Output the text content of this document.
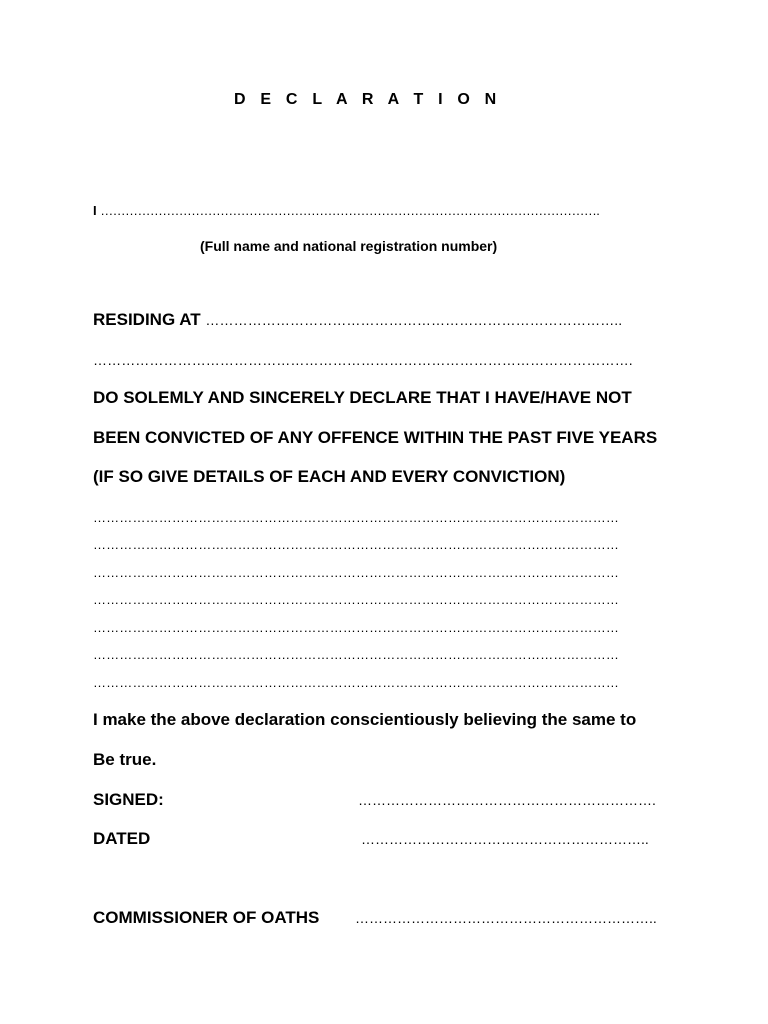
D E C L A R A T I O N
I ………………………………………………………………………………………………………….
(Full name and national registration number)
RESIDING AT ……………………………………………………………………………..
…………………………………………………………………………………………………….
DO SOLEMLY AND SINCERELY DECLARE THAT I HAVE/HAVE NOT
BEEN CONVICTED OF ANY OFFENCE WITHIN THE PAST FIVE YEARS
(IF SO GIVE DETAILS OF EACH AND EVERY CONVICTION)
…………………………………………………………………………………………………………
…………………………………………………………………………………………………………
…………………………………………………………………………………………………………
…………………………………………………………………………………………………………
…………………………………………………………………………………………………………
…………………………………………………………………………………………………………
…………………………………………………………………………………………………………
I make the above declaration conscientiously believing the same to
Be true.
SIGNED:	……………………………………………………….
DATED	……………………………………………………..
COMMISSIONER OF OATHS	………………………………………………………..
